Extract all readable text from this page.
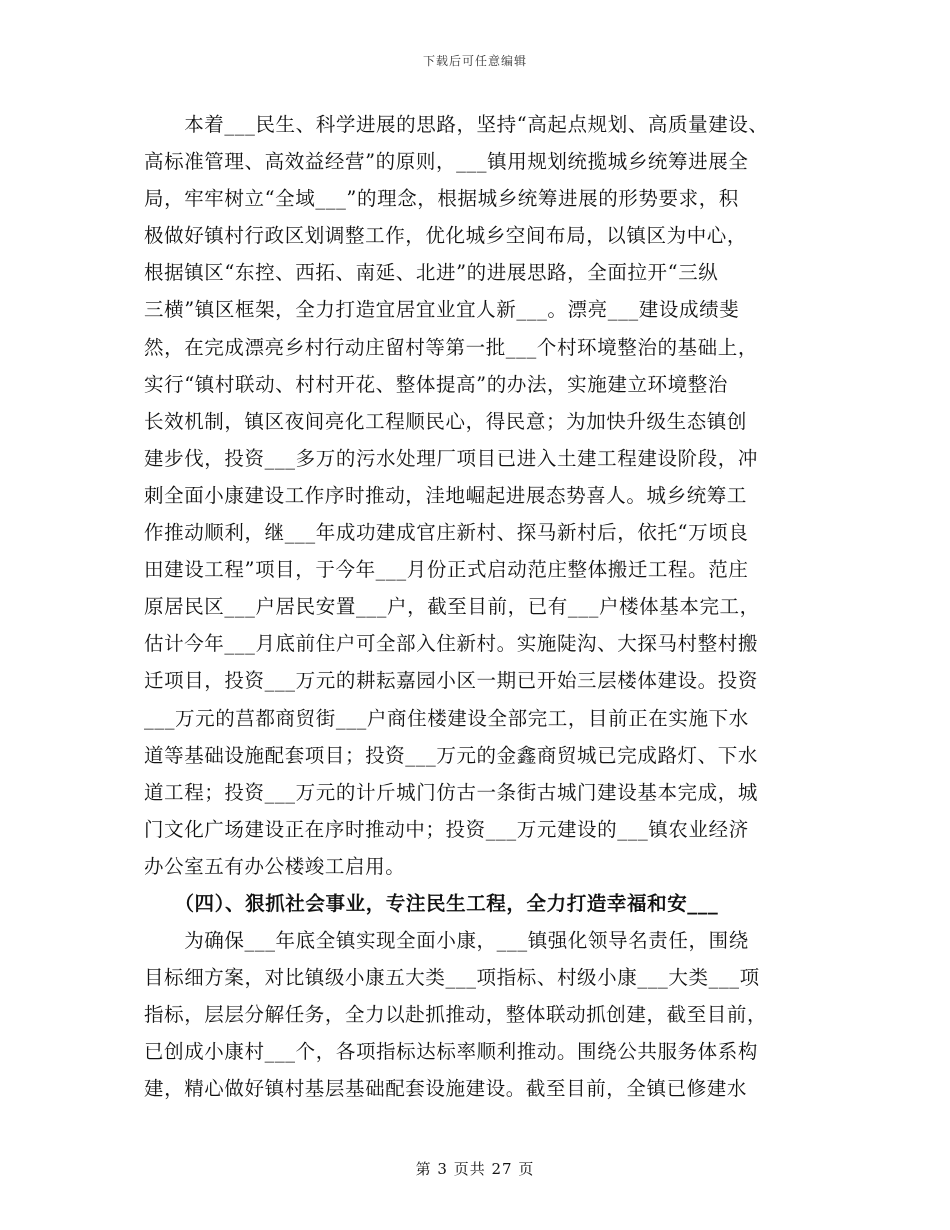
下载后可任意编辑
　　本着___民生、科学进展的思路，坚持“高起点规划、高质量建设、
高标准管理、高效益经营”的原则，___镇用规划统揽城乡统筹进展全
局，牢牢树立“全域___”的理念，根据城乡统筹进展的形势要求，积
极做好镇村行政区划调整工作，优化城乡空间布局，以镇区为中心，
根据镇区“东控、西拓、南延、北进”的进展思路，全面拉开“三纵
三横”镇区框架，全力打造宜居宜业宜人新___。漂亮___建设成绩斐
然，在完成漂亮乡村行动庄留村等第一批___个村环境整治的基础上，
实行“镇村联动、村村开花、整体提高”的办法，实施建立环境整治
长效机制，镇区夜间亮化工程顺民心，得民意；为加快升级生态镇创
建步伐，投资___多万的污水处理厂项目已进入土建工程建设阶段，冲
刺全面小康建设工作序时推动，洼地崛起进展态势喜人。城乡统筹工
作推动顺利，继___年成功建成官庄新村、探马新村后，依托“万顷良
田建设工程”项目，于今年___月份正式启动范庄整体搬迁工程。范庄
原居民区___户居民安置___户，截至目前，已有___户楼体基本完工，
估计今年___月底前住户可全部入住新村。实施陡沟、大探马村整村搬
迁项目，投资___万元的耕耘嘉园小区一期已开始三层楼体建设。投资
___万元的莒都商贸街___户商住楼建设全部完工，目前正在实施下水
道等基础设施配套项目；投资___万元的金鑫商贸城已完成路灯、下水
道工程；投资___万元的计斤城门仿古一条街古城门建设基本完成，城
门文化广场建设正在序时推动中；投资___万元建设的___镇农业经济
办公室五有办公楼竣工启用。
　　（四）、狠抓社会事业，专注民生工程，全力打造幸福和安___
　　为确保___年底全镇实现全面小康，___镇强化领导名责任，围绕
目标细方案，对比镇级小康五大类___项指标、村级小康___大类___项
指标，层层分解任务，全力以赴抓推动，整体联动抓创建，截至目前，
已创成小康村___个，各项指标达标率顺利推动。围绕公共服务体系构
建，精心做好镇村基层基础配套设施建设。截至目前，全镇已修建水
第 3 页共 27 页
